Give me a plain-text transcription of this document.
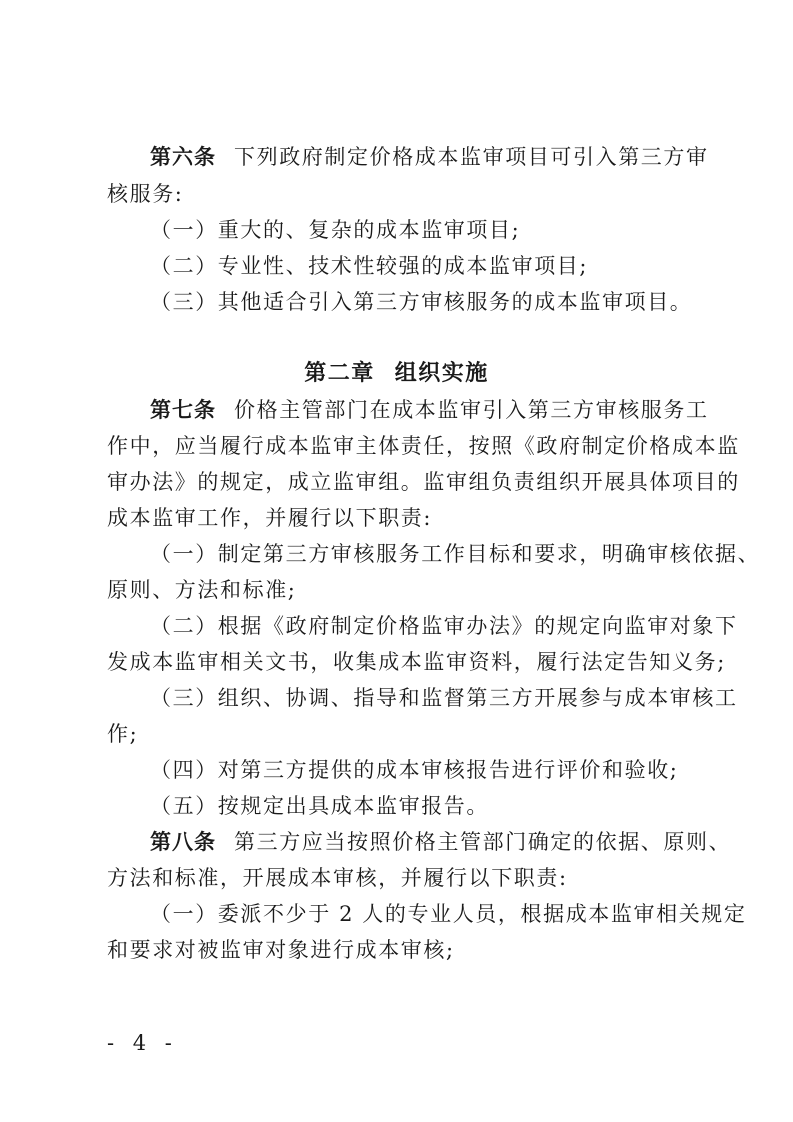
第六条 下列政府制定价格成本监审项目可引入第三方审
核服务:
（一）重大的、复杂的成本监审项目;
（二）专业性、技术性较强的成本监审项目;
（三）其他适合引入第三方审核服务的成本监审项目。
第二章 组织实施
第七条 价格主管部门在成本监审引入第三方审核服务工
作中，应当履行成本监审主体责任，按照《政府制定价格成本监
审办法》的规定，成立监审组。监审组负责组织开展具体项目的
成本监审工作，并履行以下职责:
（一）制定第三方审核服务工作目标和要求，明确审核依据、
原则、方法和标准;
（二）根据《政府制定价格监审办法》的规定向监审对象下
发成本监审相关文书，收集成本监审资料，履行法定告知义务;
（三）组织、协调、指导和监督第三方开展参与成本审核工
作;
（四）对第三方提供的成本审核报告进行评价和验收;
（五）按规定出具成本监审报告。
第八条 第三方应当按照价格主管部门确定的依据、原则、
方法和标准，开展成本审核，并履行以下职责:
（一）委派不少于 2 人的专业人员，根据成本监审相关规定
和要求对被监审对象进行成本审核;
- 4 -
